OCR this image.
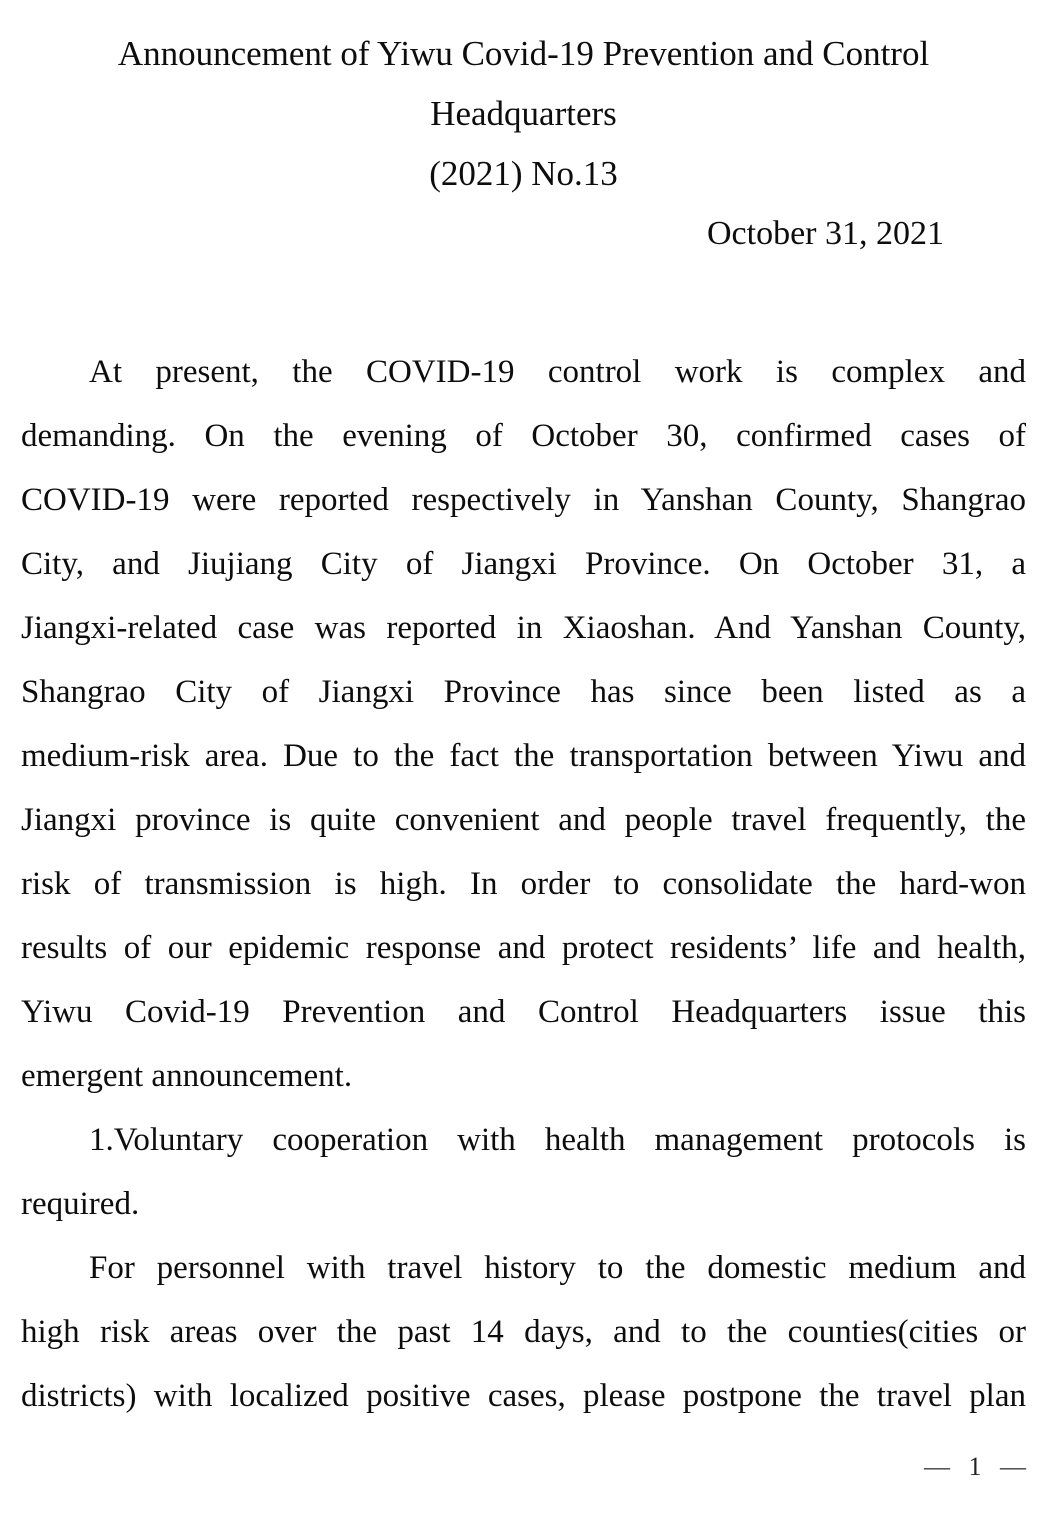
Announcement of Yiwu Covid-19 Prevention and Control
Headquarters
(2021) No.13
October 31, 2021
At present, the COVID-19 control work is complex and
demanding. On the evening of October 30, confirmed cases of
COVID-19 were reported respectively in Yanshan County, Shangrao
City, and Jiujiang City of Jiangxi Province. On October 31, a
Jiangxi-related case was reported in Xiaoshan. And Yanshan County,
Shangrao City of Jiangxi Province has since been listed as a
medium-risk area. Due to the fact the transportation between Yiwu and
Jiangxi province is quite convenient and people travel frequently, the
risk of transmission is high. In order to consolidate the hard-won
results of our epidemic response and protect residents’ life and health,
Yiwu Covid-19 Prevention and Control Headquarters issue this
emergent announcement.
1.Voluntary cooperation with health management protocols is
required.
For personnel with travel history to the domestic medium and
high risk areas over the past 14 days, and to the counties(cities or
districts) with localized positive cases, please postpone the travel plan
— 1 —
